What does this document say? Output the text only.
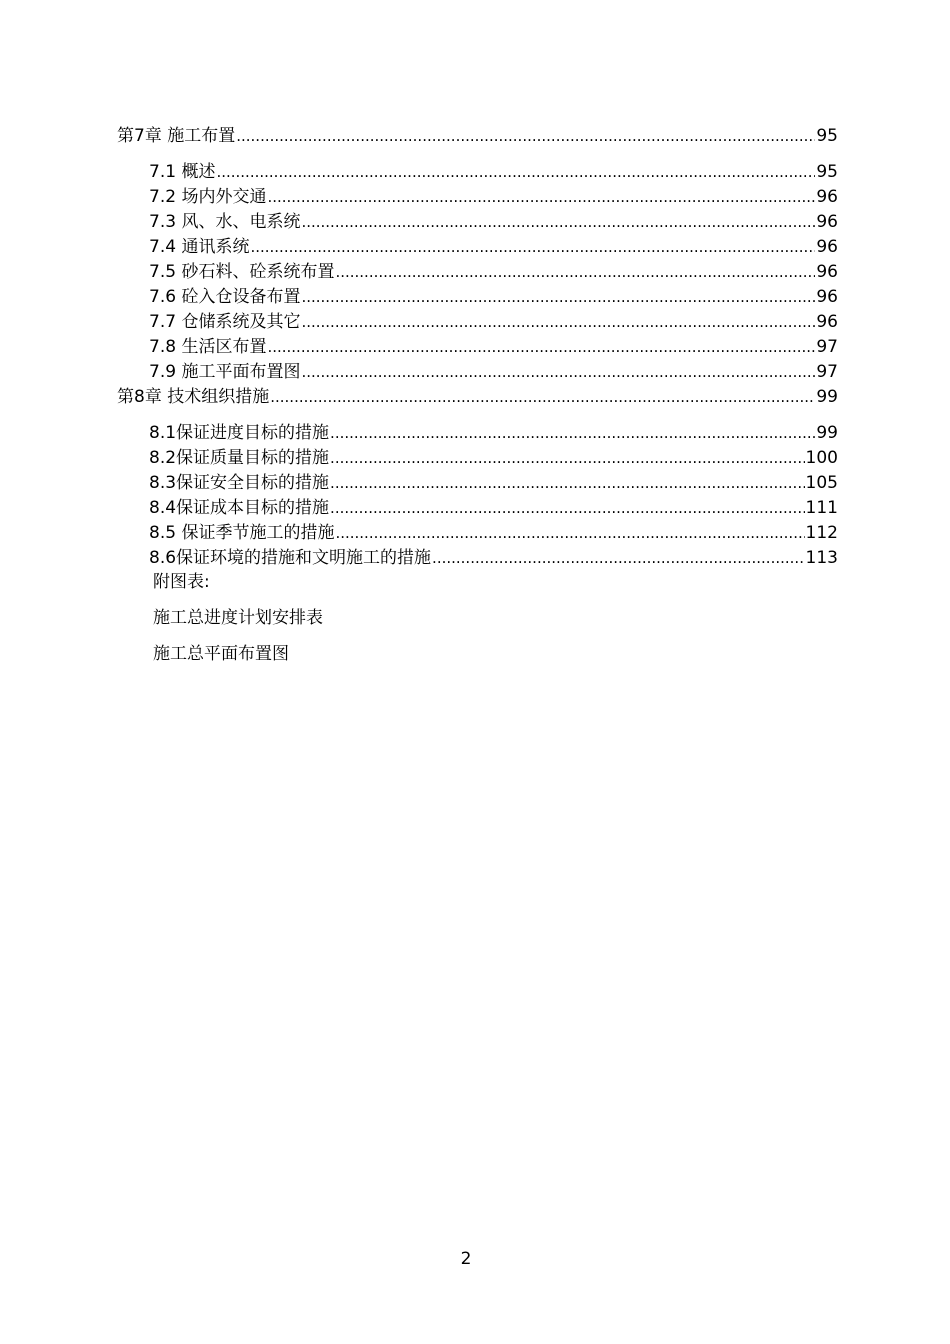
第7章 施工布置 .....	95
7.1 概述 .....	95
7.2 场内外交通 .....	96
7.3 风、水、电系统 .....	96
7.4 通讯系统 .....	96
7.5 砂石料、砼系统布置 .....	96
7.6 砼入仓设备布置 .....	96
7.7 仓储系统及其它 .....	96
7.8 生活区布置 .....	97
7.9 施工平面布置图 .....	97
第8章 技术组织措施 .....	99
8.1保证进度目标的措施 .....	99
8.2保证质量目标的措施 .....	100
8.3保证安全目标的措施 .....	105
8.4保证成本目标的措施 .....	111
8.5 保证季节施工的措施 .....	112
8.6保证环境的措施和文明施工的措施 .....	113
附图表:
施工总进度计划安排表
施工总平面布置图
2
